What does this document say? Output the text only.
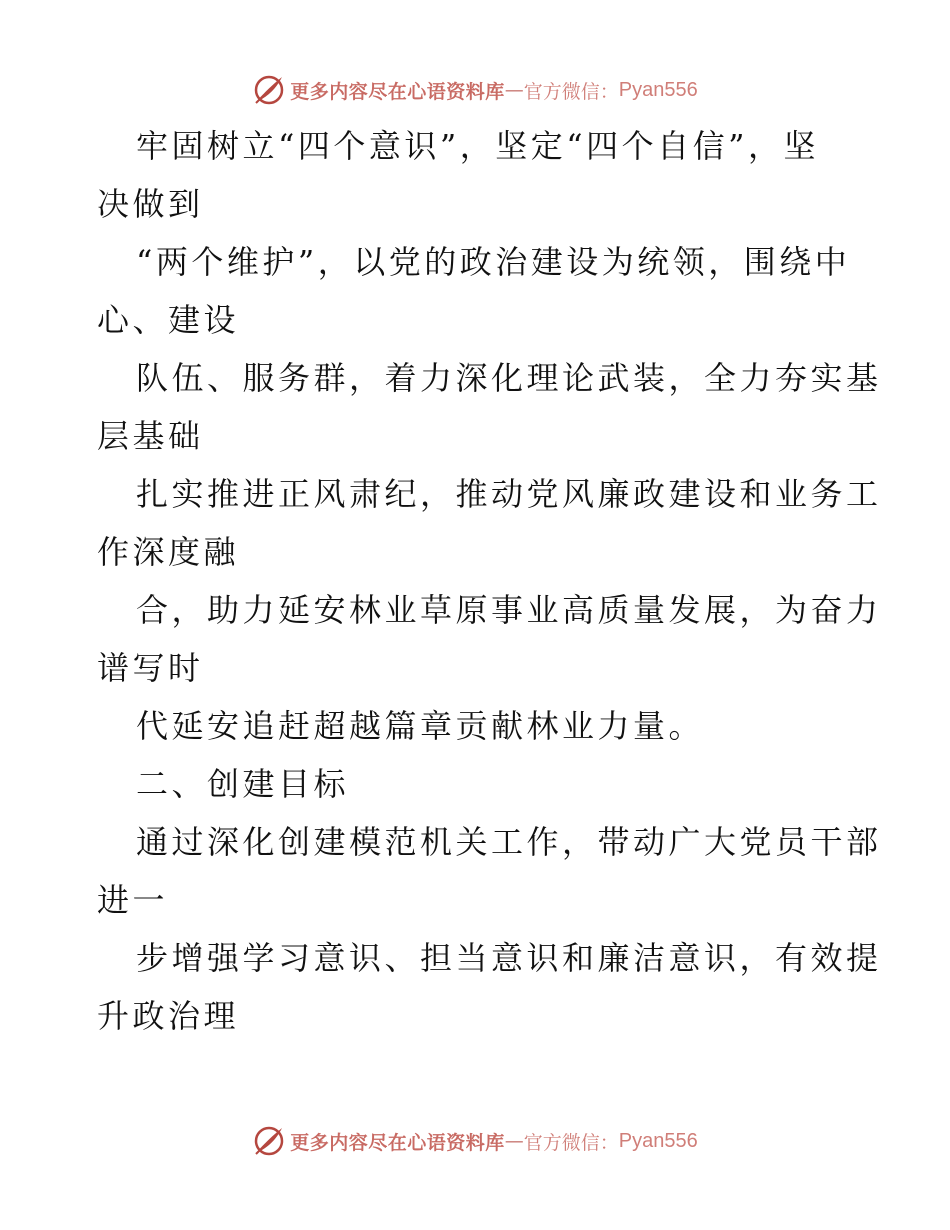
更多内容尽在心语资料库 — 官方微信： Pyan556
牢固树立“四个意识”，坚定“四个自信”，坚
决做到
“两个维护”，以党的政治建设为统领，围绕中
心、建设
队伍、服务群，着力深化理论武装，全力夯实基
层基础
扎实推进正风肃纪，推动党风廉政建设和业务工
作深度融
合，助力延安林业草原事业高质量发展，为奋力
谱写时
代延安追赶超越篇章贡献林业力量。
二、创建目标
通过深化创建模范机关工作，带动广大党员干部
进一
步增强学习意识、担当意识和廉洁意识，有效提
升政治理
更多内容尽在心语资料库 — 官方微信： Pyan556
